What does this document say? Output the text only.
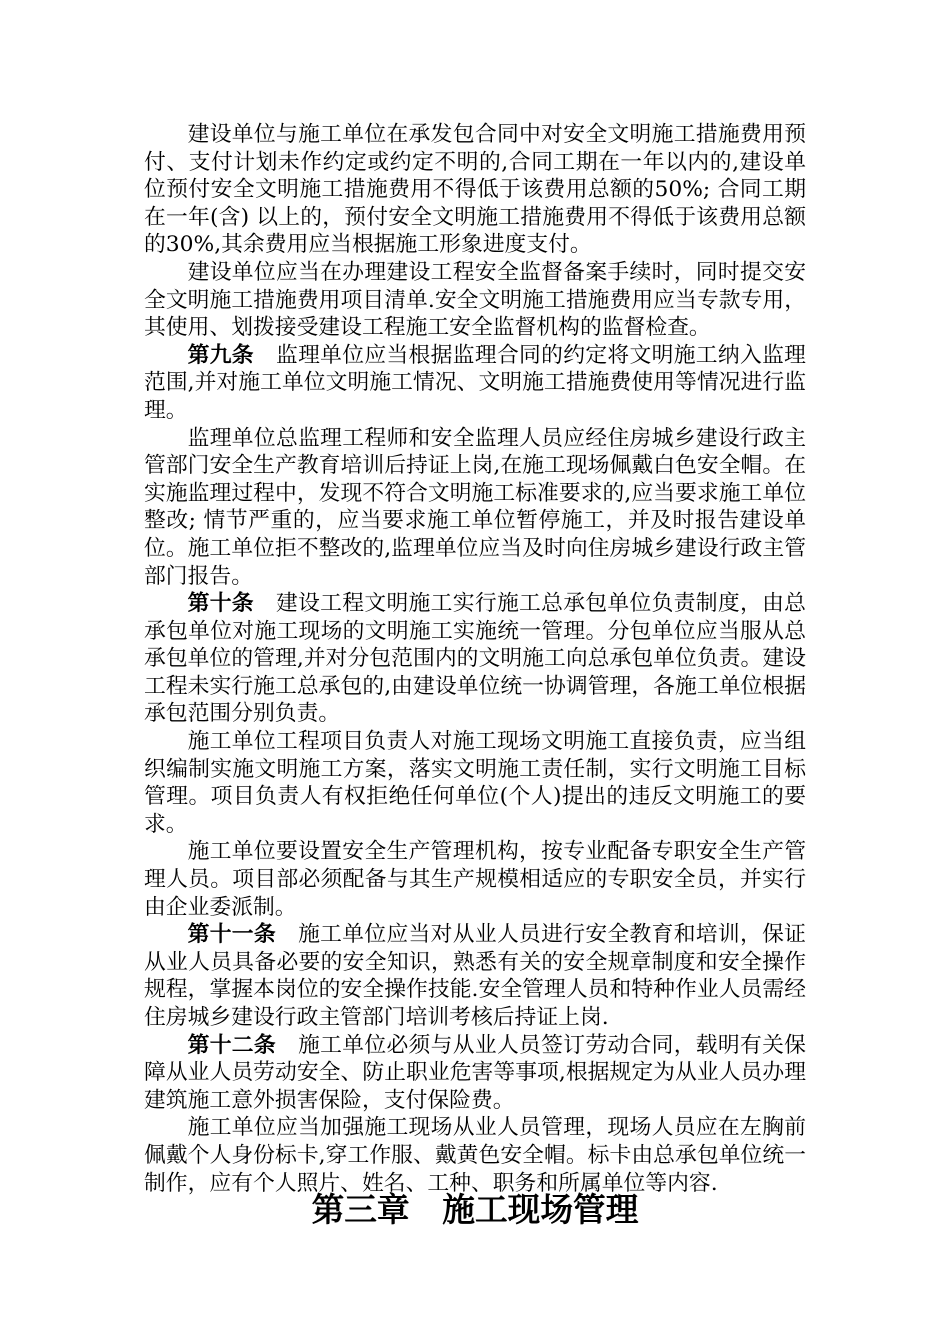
建设单位与施工单位在承发包合同中对安全文明施工措施费用预付、支付计划未作约定或约定不明的,合同工期在一年以内的,建设单位预付安全文明施工措施费用不得低于该费用总额的50%; 合同工期在一年(含) 以上的，预付安全文明施工措施费用不得低于该费用总额的30%,其余费用应当根据施工形象进度支付。

建设单位应当在办理建设工程安全监督备案手续时，同时提交安全文明施工措施费用项目清单.安全文明施工措施费用应当专款专用，其使用、划拨接受建设工程施工安全监督机构的监督检查。

第九条 监理单位应当根据监理合同的约定将文明施工纳入监理范围,并对施工单位文明施工情况、文明施工措施费使用等情况进行监理。

监理单位总监理工程师和安全监理人员应经住房城乡建设行政主管部门安全生产教育培训后持证上岗,在施工现场佩戴白色安全帽。在实施监理过程中，发现不符合文明施工标准要求的,应当要求施工单位整改; 情节严重的，应当要求施工单位暂停施工，并及时报告建设单位。施工单位拒不整改的,监理单位应当及时向住房城乡建设行政主管部门报告。

第十条 建设工程文明施工实行施工总承包单位负责制度，由总承包单位对施工现场的文明施工实施统一管理。分包单位应当服从总承包单位的管理,并对分包范围内的文明施工向总承包单位负责。建设工程未实行施工总承包的,由建设单位统一协调管理，各施工单位根据承包范围分别负责。

施工单位工程项目负责人对施工现场文明施工直接负责，应当组织编制实施文明施工方案，落实文明施工责任制，实行文明施工目标管理。项目负责人有权拒绝任何单位(个人)提出的违反文明施工的要求。

施工单位要设置安全生产管理机构，按专业配备专职安全生产管理人员。项目部必须配备与其生产规模相适应的专职安全员，并实行由企业委派制。

第十一条 施工单位应当对从业人员进行安全教育和培训，保证从业人员具备必要的安全知识，熟悉有关的安全规章制度和安全操作规程，掌握本岗位的安全操作技能.安全管理人员和特种作业人员需经住房城乡建设行政主管部门培训考核后持证上岗.

第十二条 施工单位必须与从业人员签订劳动合同，载明有关保障从业人员劳动安全、防止职业危害等事项,根据规定为从业人员办理建筑施工意外损害保险，支付保险费。

施工单位应当加强施工现场从业人员管理，现场人员应在左胸前佩戴个人身份标卡,穿工作服、戴黄色安全帽。标卡由总承包单位统一制作，应有个人照片、姓名、工种、职务和所属单位等内容.

第三章　施工现场管理
